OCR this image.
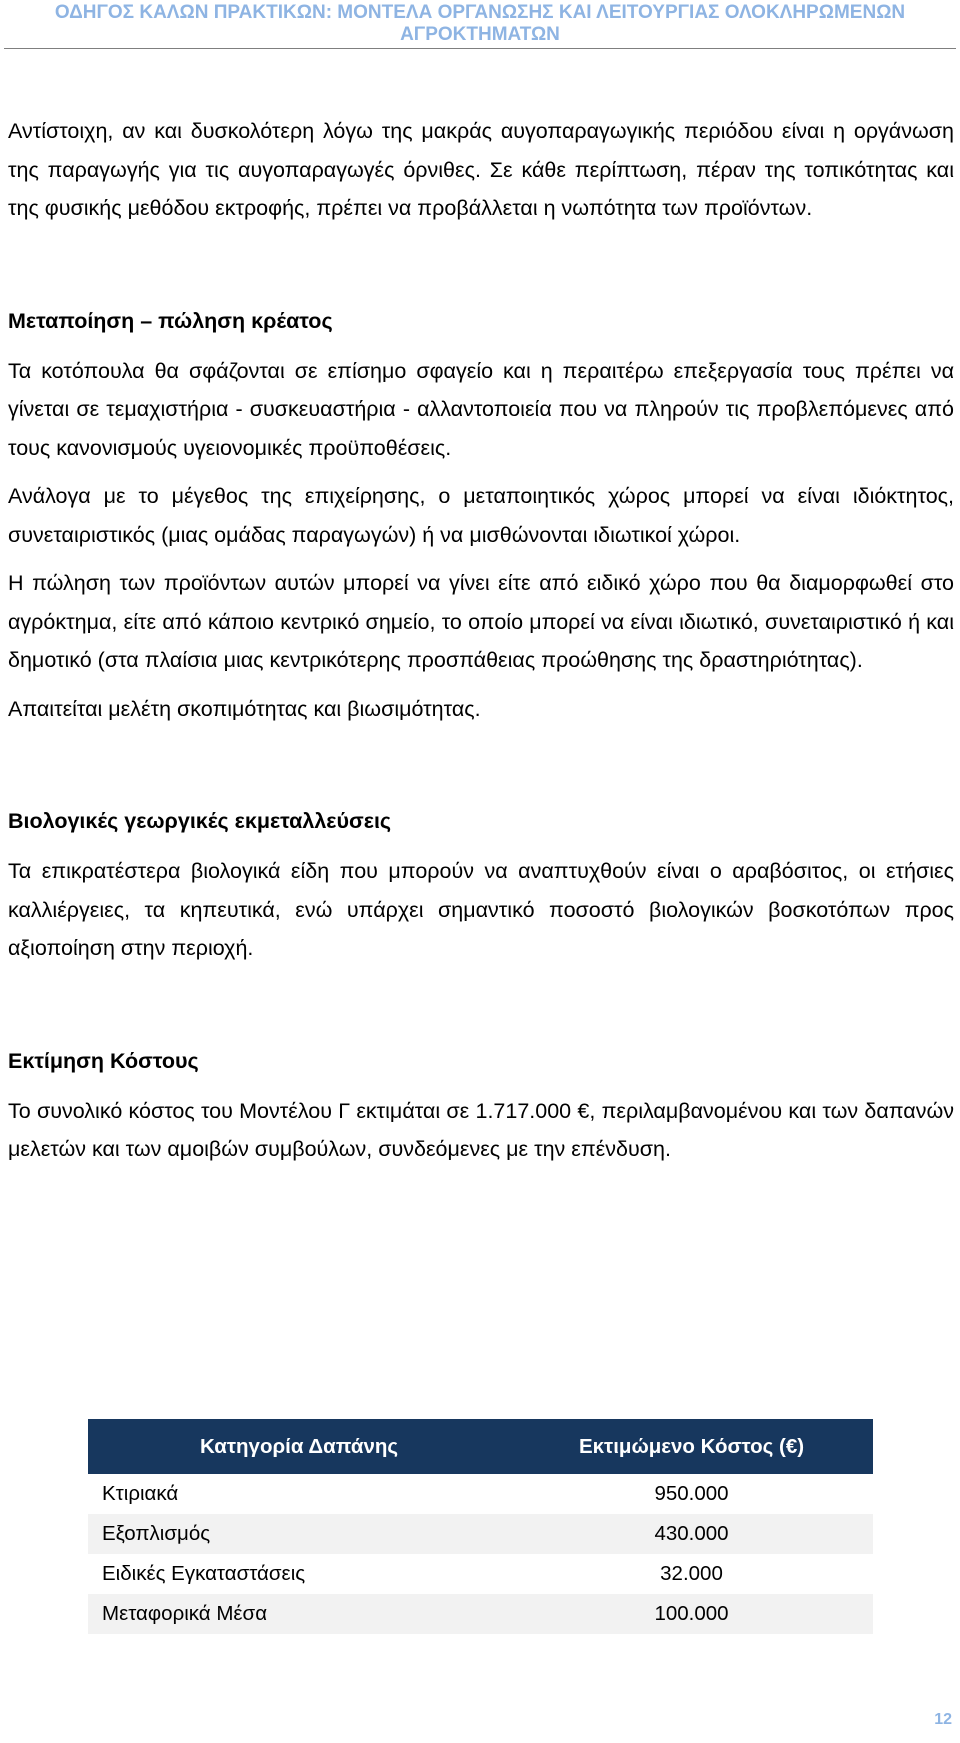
ΟΔΗΓΟΣ ΚΑΛΩΝ ΠΡΑΚΤΙΚΩΝ: ΜΟΝΤΕΛΑ ΟΡΓΑΝΩΣΗΣ ΚΑΙ ΛΕΙΤΟΥΡΓΙΑΣ ΟΛΟΚΛΗΡΩΜΕΝΩΝ
ΑΓΡΟΚΤΗΜΑΤΩΝ

Αντίστοιχη, αν και δυσκολότερη λόγω της μακράς αυγοπαραγωγικής περιόδου είναι η οργάνωση της παραγωγής για τις αυγοπαραγωγές όρνιθες. Σε κάθε περίπτωση, πέραν της τοπικότητας και της φυσικής μεθόδου εκτροφής, πρέπει να προβάλλεται η νωπότητα των προϊόντων.

Μεταποίηση – πώληση κρέατος

Τα κοτόπουλα θα σφάζονται σε επίσημο σφαγείο και η περαιτέρω επεξεργασία τους πρέπει να γίνεται σε τεμαχιστήρια - συσκευαστήρια - αλλαντοποιεία που να πληρούν τις προβλεπόμενες από τους κανονισμούς υγειονομικές προϋποθέσεις.

Ανάλογα με το μέγεθος της επιχείρησης, ο μεταποιητικός χώρος μπορεί να είναι ιδιόκτητος, συνεταιριστικός (μιας ομάδας παραγωγών) ή να μισθώνονται ιδιωτικοί χώροι.

Η πώληση των προϊόντων αυτών μπορεί να γίνει είτε από ειδικό χώρο που θα διαμορφωθεί στο αγρόκτημα, είτε από κάποιο κεντρικό σημείο, το οποίο μπορεί να είναι ιδιωτικό, συνεταιριστικό ή και δημοτικό (στα πλαίσια μιας κεντρικότερης προσπάθειας προώθησης της δραστηριότητας).

Απαιτείται μελέτη σκοπιμότητας και βιωσιμότητας.

Βιολογικές γεωργικές εκμεταλλεύσεις

Τα επικρατέστερα βιολογικά είδη που μπορούν να αναπτυχθούν είναι ο αραβόσιτος, οι ετήσιες καλλιέργειες, τα κηπευτικά, ενώ υπάρχει σημαντικό ποσοστό βιολογικών βοσκοτόπων προς αξιοποίηση στην περιοχή.

Εκτίμηση Κόστους

Το συνολικό κόστος του Μοντέλου Γ εκτιμάται σε 1.717.000 €, περιλαμβανομένου και των δαπανών μελετών και των αμοιβών συμβούλων, συνδεόμενες με την επένδυση.

Κατηγορία Δαπάνης	Εκτιμώμενο Κόστος (€)
Κτιριακά	950.000
Εξοπλισμός	430.000
Ειδικές Εγκαταστάσεις	32.000
Μεταφορικά Μέσα	100.000
12
